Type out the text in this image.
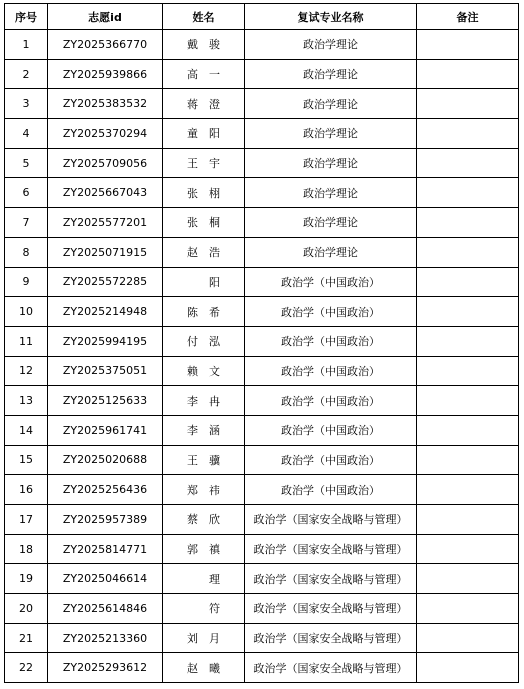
序号	志愿id	姓名	复试专业名称	备注
1	ZY2025366770	戴　骏	政治学理论	
2	ZY2025939866	高　一	政治学理论	
3	ZY2025383532	蒋　澄	政治学理论	
4	ZY2025370294	童　阳	政治学理论	
5	ZY2025709056	王　宇	政治学理论	
6	ZY2025667043	张　栩	政治学理论	
7	ZY2025577201	张　桐	政治学理论	
8	ZY2025071915	赵　浩	政治学理论	
9	ZY2025572285	　　阳	政治学（中国政治）	
10	ZY2025214948	陈　希	政治学（中国政治）	
11	ZY2025994195	付　泓	政治学（中国政治）	
12	ZY2025375051	赖　文	政治学（中国政治）	
13	ZY2025125633	李　冉	政治学（中国政治）	
14	ZY2025961741	李　涵	政治学（中国政治）	
15	ZY2025020688	王　骥	政治学（中国政治）	
16	ZY2025256436	郑　祎	政治学（中国政治）	
17	ZY2025957389	蔡　欣	政治学（国家安全战略与管理）	
18	ZY2025814771	郭　禛	政治学（国家安全战略与管理）	
19	ZY2025046614	　　理	政治学（国家安全战略与管理）	
20	ZY2025614846	　　符	政治学（国家安全战略与管理）	
21	ZY2025213360	刘　月	政治学（国家安全战略与管理）	
22	ZY2025293612	赵　曦	政治学（国家安全战略与管理）	
